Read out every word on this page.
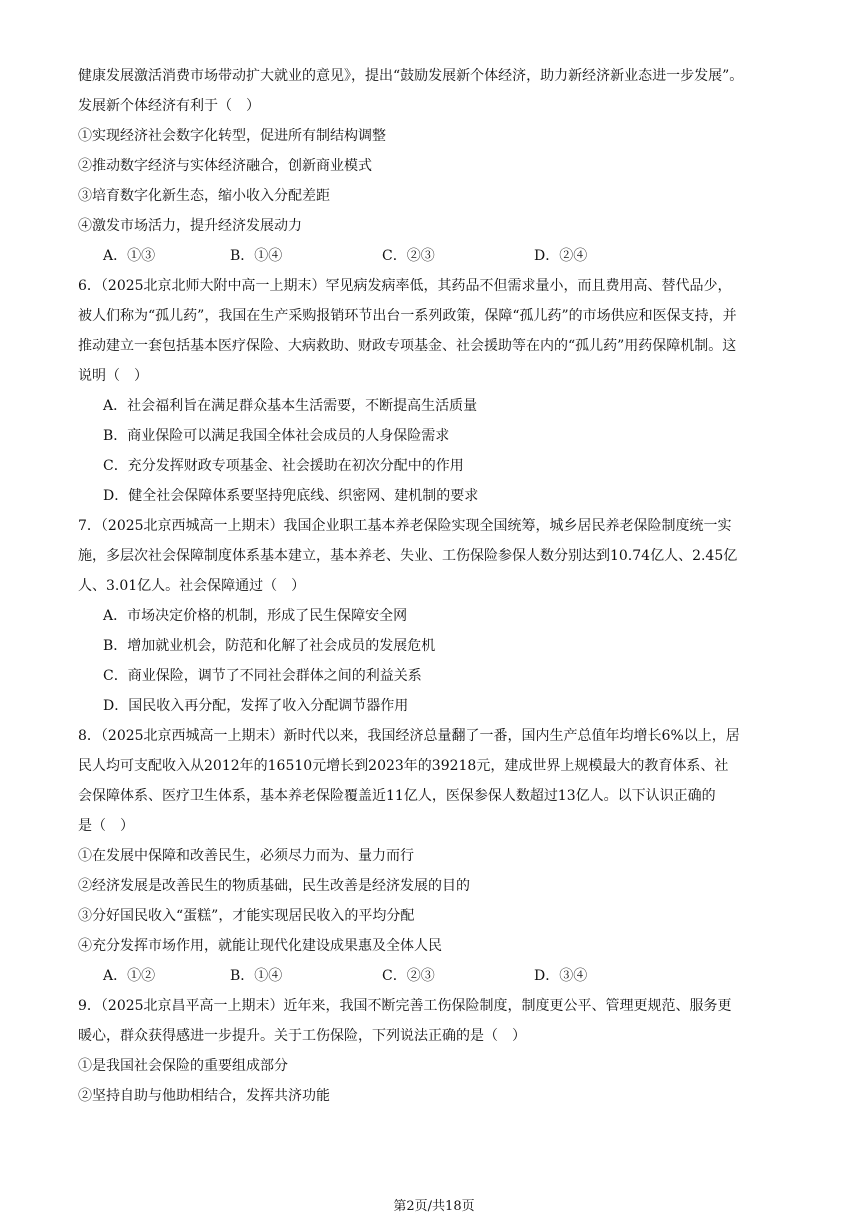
健康发展激活消费市场带动扩大就业的意见》，提出“鼓励发展新个体经济，助力新经济新业态进一步发展”。
发展新个体经济有利于（　）
①实现经济社会数字化转型，促进所有制结构调整
②推动数字经济与实体经济融合，创新商业模式
③培育数字化新生态，缩小收入分配差距
④激发市场活力，提升经济发展动力
A．①③	B．①④	C．②③	D．②④
6．（2025北京北师大附中高一上期末）罕见病发病率低，其药品不但需求量小，而且费用高、替代品少，
被人们称为“孤儿药”，我国在生产采购报销环节出台一系列政策，保障“孤儿药”的市场供应和医保支持，并
推动建立一套包括基本医疗保险、大病救助、财政专项基金、社会援助等在内的“孤儿药”用药保障机制。这
说明（　）
A．社会福利旨在满足群众基本生活需要，不断提高生活质量
B．商业保险可以满足我国全体社会成员的人身保险需求
C．充分发挥财政专项基金、社会援助在初次分配中的作用
D．健全社会保障体系要坚持兜底线、织密网、建机制的要求
7．（2025北京西城高一上期末）我国企业职工基本养老保险实现全国统筹，城乡居民养老保险制度统一实
施，多层次社会保障制度体系基本建立，基本养老、失业、工伤保险参保人数分别达到10.74亿人、2.45亿
人、3.01亿人。社会保障通过（　）
A．市场决定价格的机制，形成了民生保障安全网
B．增加就业机会，防范和化解了社会成员的发展危机
C．商业保险，调节了不同社会群体之间的利益关系
D．国民收入再分配，发挥了收入分配调节器作用
8．（2025北京西城高一上期末）新时代以来，我国经济总量翻了一番，国内生产总值年均增长6%以上，居
民人均可支配收入从2012年的16510元增长到2023年的39218元，建成世界上规模最大的教育体系、社
会保障体系、医疗卫生体系，基本养老保险覆盖近11亿人，医保参保人数超过13亿人。以下认识正确的
是（　）
①在发展中保障和改善民生，必须尽力而为、量力而行
②经济发展是改善民生的物质基础，民生改善是经济发展的目的
③分好国民收入“蛋糕”，才能实现居民收入的平均分配
④充分发挥市场作用，就能让现代化建设成果惠及全体人民
A．①②	B．①④	C．②③	D．③④
9．（2025北京昌平高一上期末）近年来，我国不断完善工伤保险制度，制度更公平、管理更规范、服务更
暖心，群众获得感进一步提升。关于工伤保险，下列说法正确的是（　）
①是我国社会保险的重要组成部分
②坚持自助与他助相结合，发挥共济功能
第2页/共18页
